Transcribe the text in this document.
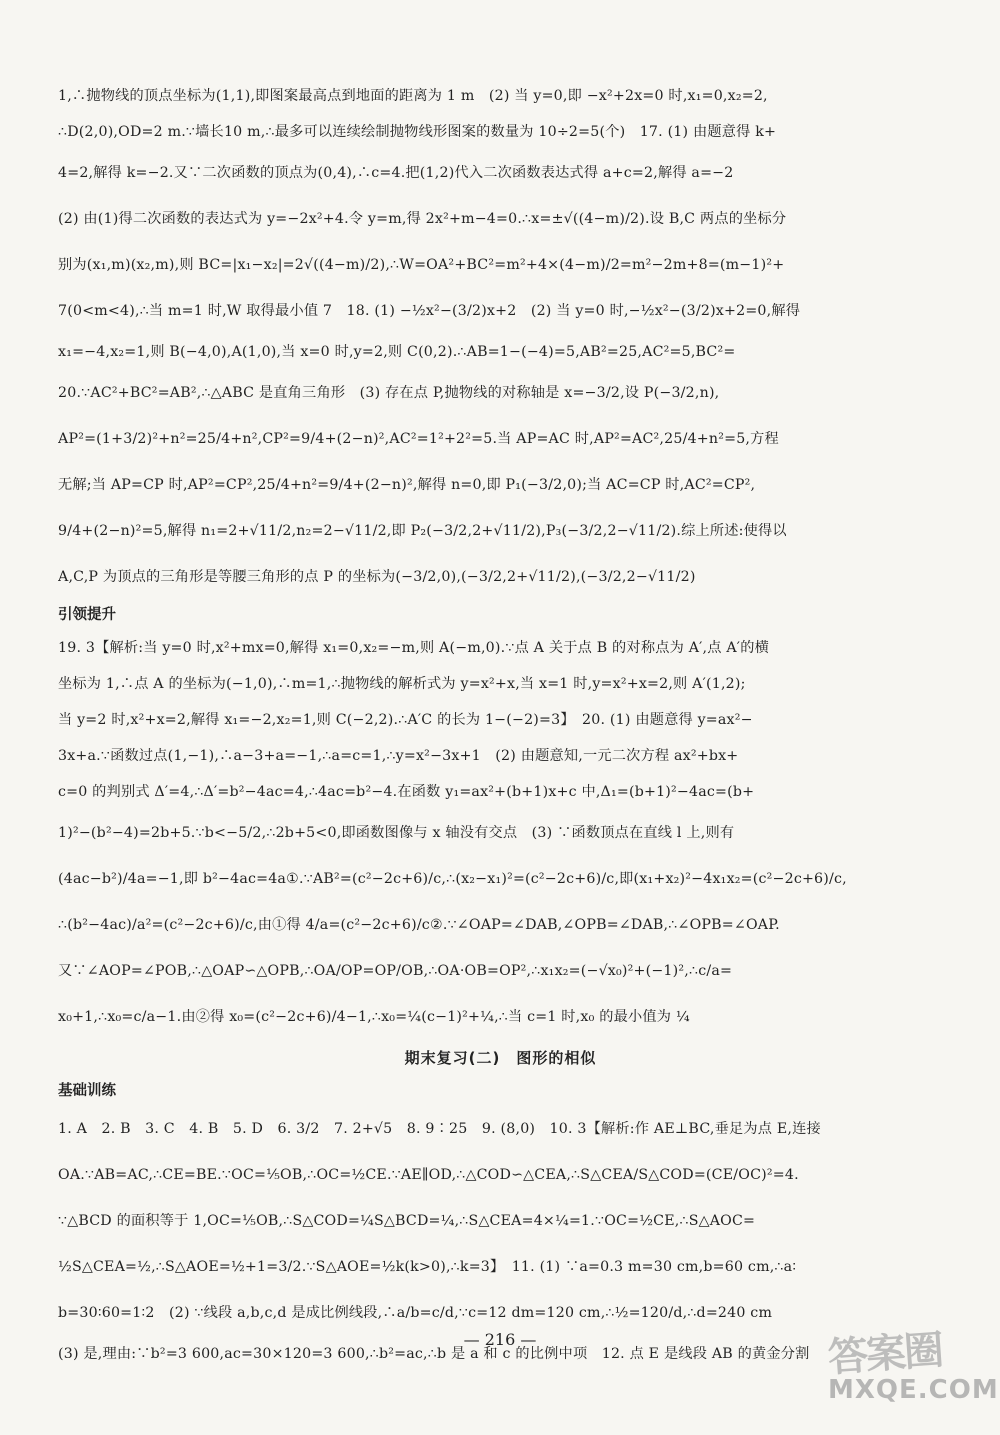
1,∴抛物线的顶点坐标为(1,1),即图案最高点到地面的距离为 1 m　(2) 当 y=0,即 −x²+2x=0 时,x₁=0,x₂=2,
∴D(2,0),OD=2 m.∵墙长10 m,∴最多可以连续绘制抛物线形图案的数量为 10÷2=5(个)　17. (1) 由题意得 k+
4=2,解得 k=−2.又∵二次函数的顶点为(0,4),∴c=4.把(1,2)代入二次函数表达式得 a+c=2,解得 a=−2
(2) 由(1)得二次函数的表达式为 y=−2x²+4.令 y=m,得 2x²+m−4=0.∴x=±√((4−m)/2).设 B,C 两点的坐标分
别为(x₁,m)(x₂,m),则 BC=|x₁−x₂|=2√((4−m)/2),∴W=OA²+BC²=m²+4×(4−m)/2=m²−2m+8=(m−1)²+
7(0<m<4),∴当 m=1 时,W 取得最小值 7　18. (1) −½x²−(3/2)x+2　(2) 当 y=0 时,−½x²−(3/2)x+2=0,解得
x₁=−4,x₂=1,则 B(−4,0),A(1,0),当 x=0 时,y=2,则 C(0,2).∴AB=1−(−4)=5,AB²=25,AC²=5,BC²=
20.∵AC²+BC²=AB²,∴△ABC 是直角三角形　(3) 存在点 P,抛物线的对称轴是 x=−3/2,设 P(−3/2,n),
AP²=(1+3/2)²+n²=25/4+n²,CP²=9/4+(2−n)²,AC²=1²+2²=5.当 AP=AC 时,AP²=AC²,25/4+n²=5,方程
无解;当 AP=CP 时,AP²=CP²,25/4+n²=9/4+(2−n)²,解得 n=0,即 P₁(−3/2,0);当 AC=CP 时,AC²=CP²,
9/4+(2−n)²=5,解得 n₁=2+√11/2,n₂=2−√11/2,即 P₂(−3/2,2+√11/2),P₃(−3/2,2−√11/2).综上所述:使得以
A,C,P 为顶点的三角形是等腰三角形的点 P 的坐标为(−3/2,0),(−3/2,2+√11/2),(−3/2,2−√11/2)
引领提升
19. 3【解析:当 y=0 时,x²+mx=0,解得 x₁=0,x₂=−m,则 A(−m,0).∵点 A 关于点 B 的对称点为 A′,点 A′的横
坐标为 1,∴点 A 的坐标为(−1,0),∴m=1,∴抛物线的解析式为 y=x²+x,当 x=1 时,y=x²+x=2,则 A′(1,2);
当 y=2 时,x²+x=2,解得 x₁=−2,x₂=1,则 C(−2,2).∴A′C 的长为 1−(−2)=3】　20. (1) 由题意得 y=ax²−
3x+a.∵函数过点(1,−1),∴a−3+a=−1,∴a=c=1,∴y=x²−3x+1　(2) 由题意知,一元二次方程 ax²+bx+
c=0 的判别式 Δ′=4,∴Δ′=b²−4ac=4,∴4ac=b²−4.在函数 y₁=ax²+(b+1)x+c 中,Δ₁=(b+1)²−4ac=(b+
1)²−(b²−4)=2b+5.∵b<−5/2,∴2b+5<0,即函数图像与 x 轴没有交点　(3) ∵函数顶点在直线 l 上,则有
(4ac−b²)/4a=−1,即 b²−4ac=4a①.∵AB²=(c²−2c+6)/c,∴(x₂−x₁)²=(c²−2c+6)/c,即(x₁+x₂)²−4x₁x₂=(c²−2c+6)/c,
∴(b²−4ac)/a²=(c²−2c+6)/c,由①得 4/a=(c²−2c+6)/c②.∵∠OAP=∠DAB,∠OPB=∠DAB,∴∠OPB=∠OAP.
又∵∠AOP=∠POB,∴△OAP∽△OPB,∴OA/OP=OP/OB,∴OA·OB=OP²,∴x₁x₂=(−√x₀)²+(−1)²,∴c/a=
x₀+1,∴x₀=c/a−1.由②得 x₀=(c²−2c+6)/4−1,∴x₀=¼(c−1)²+¼,∴当 c=1 时,x₀ 的最小值为 ¼
期末复习(二)　图形的相似
基础训练
1. A　2. B　3. C　4. B　5. D　6. 3/2　7. 2+√5　8. 9∶25　9. (8,0)　10. 3【解析:作 AE⊥BC,垂足为点 E,连接
OA.∵AB=AC,∴CE=BE.∵OC=⅕OB,∴OC=½CE.∵AE∥OD,∴△COD∽△CEA,∴S△CEA/S△COD=(CE/OC)²=4.
∵△BCD 的面积等于 1,OC=⅕OB,∴S△COD=¼S△BCD=¼,∴S△CEA=4×¼=1.∵OC=½CE,∴S△AOC=
½S△CEA=½,∴S△AOE=½+1=3/2.∵S△AOE=½k(k>0),∴k=3】　11. (1) ∵a=0.3 m=30 cm,b=60 cm,∴a∶
b=30∶60=1∶2　(2) ∵线段 a,b,c,d 是成比例线段,∴a/b=c/d,∵c=12 dm=120 cm,∴½=120/d,∴d=240 cm
(3) 是,理由:∵b²=3 600,ac=30×120=3 600,∴b²=ac,∴b 是 a 和 c 的比例中项　12. 点 E 是线段 AB 的黄金分割
— 216 —	答案圈
MXQE.COM
